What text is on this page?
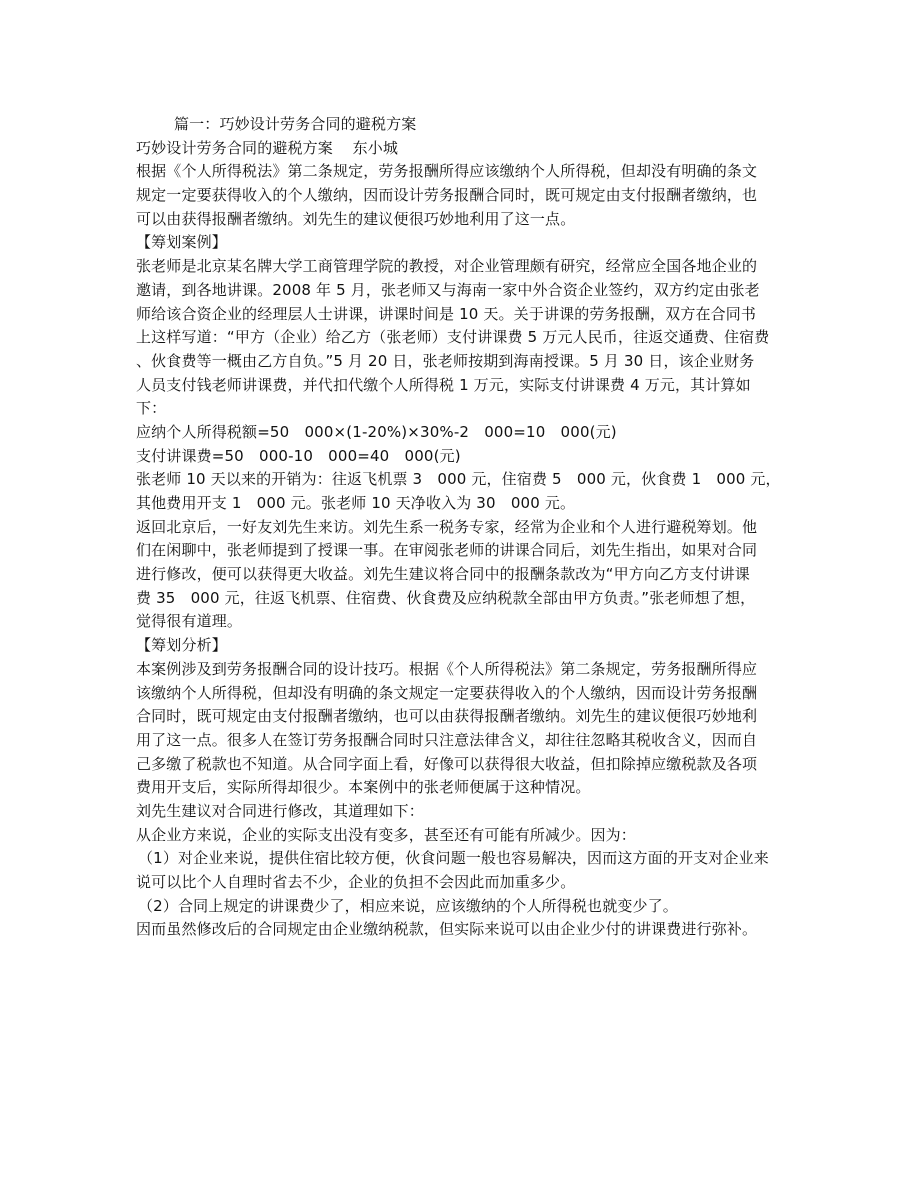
篇一：巧妙设计劳务合同的避税方案
巧妙设计劳务合同的避税方案    东小城
根据《个人所得税法》第二条规定，劳务报酬所得应该缴纳个人所得税，但却没有明确的条文
规定一定要获得收入的个人缴纳，因而设计劳务报酬合同时，既可规定由支付报酬者缴纳，也
可以由获得报酬者缴纳。刘先生的建议便很巧妙地利用了这一点。
【筹划案例】
张老师是北京某名牌大学工商管理学院的教授，对企业管理颇有研究，经常应全国各地企业的
邀请，到各地讲课。2008 年 5 月，张老师又与海南一家中外合资企业签约，双方约定由张老
师给该合资企业的经理层人士讲课，讲课时间是 10 天。关于讲课的劳务报酬，双方在合同书
上这样写道：“甲方（企业）给乙方（张老师）支付讲课费 5 万元人民币，往返交通费、住宿费
、伙食费等一概由乙方自负。”5 月 20 日，张老师按期到海南授课。5 月 30 日，该企业财务
人员支付钱老师讲课费，并代扣代缴个人所得税 1 万元，实际支付讲课费 4 万元，其计算如
下：
应纳个人所得税额=50　000×(1-20%)×30%-2　000=10　000(元)
支付讲课费=50　000-10　000=40　000(元)
张老师 10 天以来的开销为：往返飞机票 3　000 元，住宿费 5　000 元，伙食费 1　000 元，
其他费用开支 1　000 元。张老师 10 天净收入为 30　000 元。
返回北京后，一好友刘先生来访。刘先生系一税务专家，经常为企业和个人进行避税筹划。他
们在闲聊中，张老师提到了授课一事。在审阅张老师的讲课合同后，刘先生指出，如果对合同
进行修改，便可以获得更大收益。刘先生建议将合同中的报酬条款改为“甲方向乙方支付讲课
费 35　000 元，往返飞机票、住宿费、伙食费及应纳税款全部由甲方负责。”张老师想了想，
觉得很有道理。
【筹划分析】
本案例涉及到劳务报酬合同的设计技巧。根据《个人所得税法》第二条规定，劳务报酬所得应
该缴纳个人所得税，但却没有明确的条文规定一定要获得收入的个人缴纳，因而设计劳务报酬
合同时，既可规定由支付报酬者缴纳，也可以由获得报酬者缴纳。刘先生的建议便很巧妙地利
用了这一点。很多人在签订劳务报酬合同时只注意法律含义，却往往忽略其税收含义，因而自
己多缴了税款也不知道。从合同字面上看，好像可以获得很大收益，但扣除掉应缴税款及各项
费用开支后，实际所得却很少。本案例中的张老师便属于这种情况。
刘先生建议对合同进行修改，其道理如下：
从企业方来说，企业的实际支出没有变多，甚至还有可能有所减少。因为：
（1）对企业来说，提供住宿比较方便，伙食问题一般也容易解决，因而这方面的开支对企业来
说可以比个人自理时省去不少，企业的负担不会因此而加重多少。
（2）合同上规定的讲课费少了，相应来说，应该缴纳的个人所得税也就变少了。
因而虽然修改后的合同规定由企业缴纳税款，但实际来说可以由企业少付的讲课费进行弥补。
